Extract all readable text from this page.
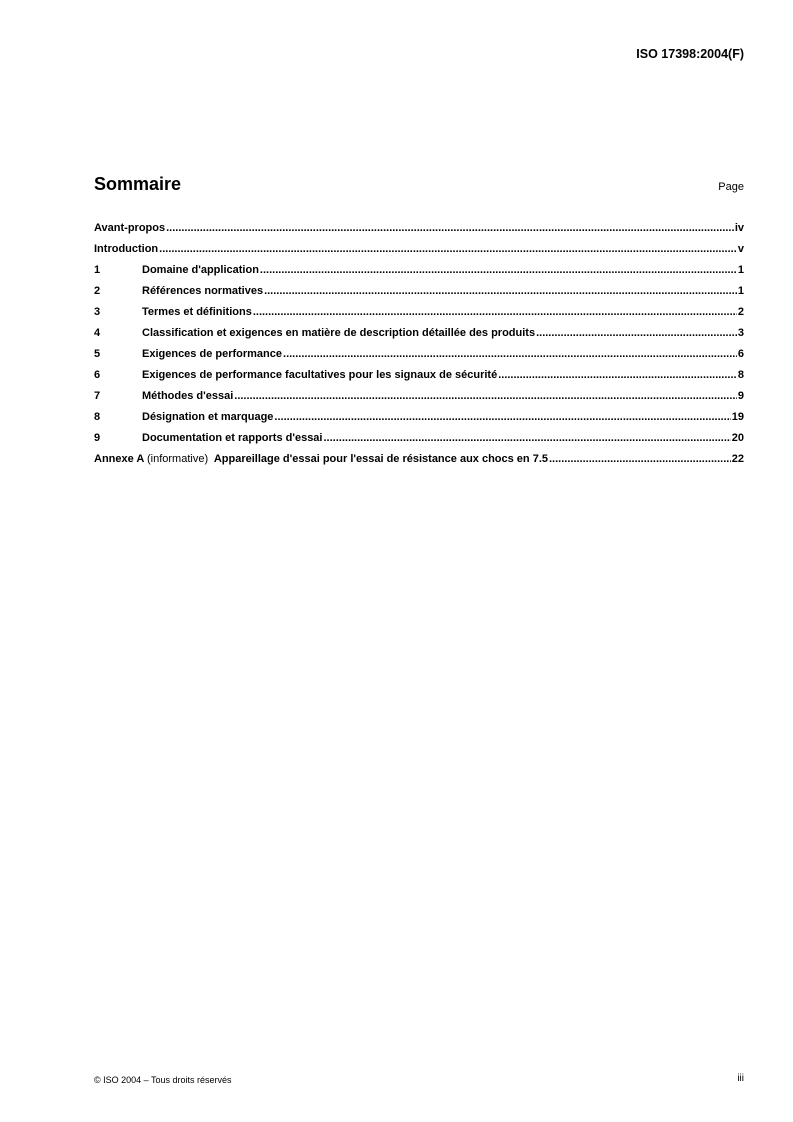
ISO 17398:2004(F)
Sommaire	Page
Avant-propos .....	iv
Introduction .....	v
1	Domaine d'application .....	1
2	Références normatives .....	1
3	Termes et définitions .....	2
4	Classification et exigences en matière de description détaillée des produits .....	3
5	Exigences de performance .....	6
6	Exigences de performance facultatives pour les signaux de sécurité .....	8
7	Méthodes d'essai .....	9
8	Désignation et marquage .....	19
9	Documentation et rapports d'essai .....	20
Annexe A (informative) Appareillage d'essai pour l'essai de résistance aux chocs en 7.5 .....	22
© ISO 2004 – Tous droits réservés	iii
